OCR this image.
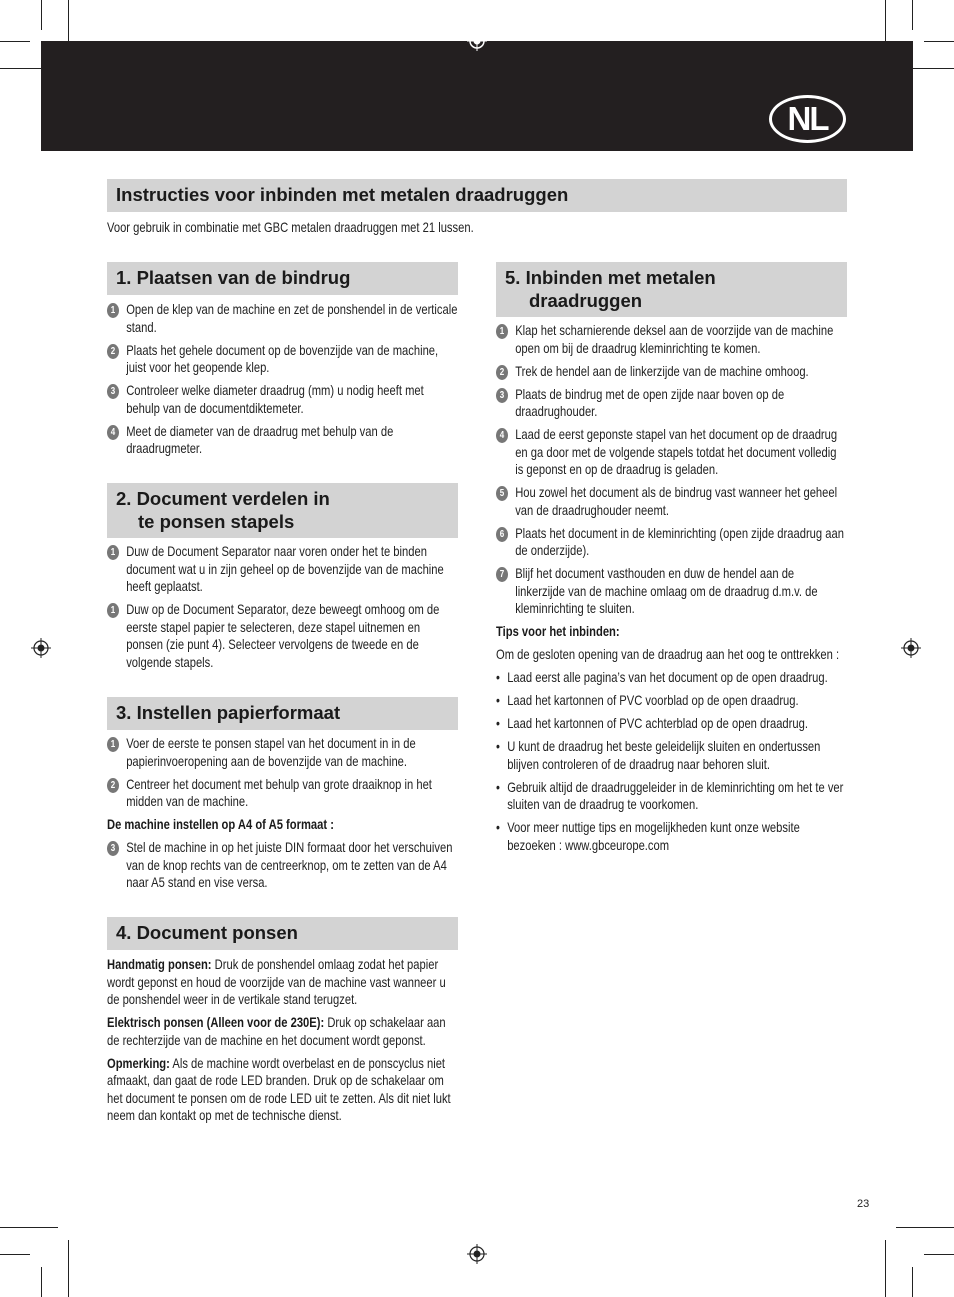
NL
Instructies voor inbinden met metalen draadruggen
Voor gebruik in combinatie met GBC metalen draadruggen met 21 lussen.
1. Plaatsen van de bindrug
1 Open de klep van de machine en zet de ponshendel in de verticale stand.
2 Plaats het gehele document op de bovenzijde van de machine, juist voor het geopende klep.
3 Controleer welke diameter draadrug (mm) u nodig heeft met behulp van de documentdiktemeter.
4 Meet de diameter van de draadrug met behulp van de draadrugmeter.
2. Document verdelen in
te ponsen stapels
1 Duw de Document Separator naar voren onder het te binden document wat u in zijn geheel op de bovenzijde van de machine heeft geplaatst.
1 Duw op de Document Separator, deze beweegt omhoog om de eerste stapel papier te selecteren, deze stapel uitnemen en ponsen (zie punt 4). Selecteer vervolgens de tweede en de volgende stapels.
3. Instellen papierformaat
1 Voer de eerste te ponsen stapel van het document in in de papierinvoeropening aan de bovenzijde van de machine.
2 Centreer het document met behulp van grote draaiknop in het midden van de machine.

De machine instellen op A4 of A5 formaat :

3 Stel de machine in op het juiste DIN formaat door het verschuiven van de knop rechts van de centreerknop, om te zetten van de A4 naar A5 stand en vise versa.
4. Document ponsen

Handmatig ponsen: Druk de ponshendel omlaag zodat het papier wordt geponst en houd de voorzijde van de machine vast wanneer u de ponshendel weer in de vertikale stand terugzet.

Elektrisch ponsen (Alleen voor de 230E): Druk op schakelaar aan de rechterzijde van de machine en het document wordt geponst.

Opmerking: Als de machine wordt overbelast en de ponscyclus niet afmaakt, dan gaat de rode LED branden. Druk op de schakelaar om het document te ponsen om de rode LED uit te zetten. Als dit niet lukt neem dan kontakt op met de technische dienst.

5. Inbinden met metalen
draadruggen
1 Klap het scharnierende deksel aan de voorzijde van de machine open om bij de draadrug kleminrichting te komen.
2 Trek de hendel aan de linkerzijde van de machine omhoog.
3 Plaats de bindrug met de open zijde naar boven op de draadrughouder.
4 Laad de eerst geponste stapel van het document op de draadrug en ga door met de volgende stapels totdat het document volledig is geponst en op de draadrug is geladen.
5 Hou zowel het document als de bindrug vast wanneer het geheel van de draadrughouder neemt.
6 Plaats het document in de kleminrichting (open zijde draadrug aan de onderzijde).
7 Blijf het document vasthouden en duw de hendel aan de linkerzijde van de machine omlaag om de draadrug d.m.v. de kleminrichting te sluiten.

Tips voor het inbinden:

Om de gesloten opening van de draadrug aan het oog te onttrekken :

• Laad eerst alle pagina’s van het document op de open draadrug.
• Laad het kartonnen of PVC voorblad op de open draadrug.
• Laad het kartonnen of PVC achterblad op de open draadrug.
• U kunt de draadrug het beste geleidelijk sluiten en ondertussen blijven controleren of de draadrug naar behoren sluit.
• Gebruik altijd de draadruggeleider in de kleminrichting om het te ver sluiten van de draadrug te voorkomen.
• Voor meer nuttige tips en mogelijkheden kunt onze website bezoeken : www.gbceurope.com
23
